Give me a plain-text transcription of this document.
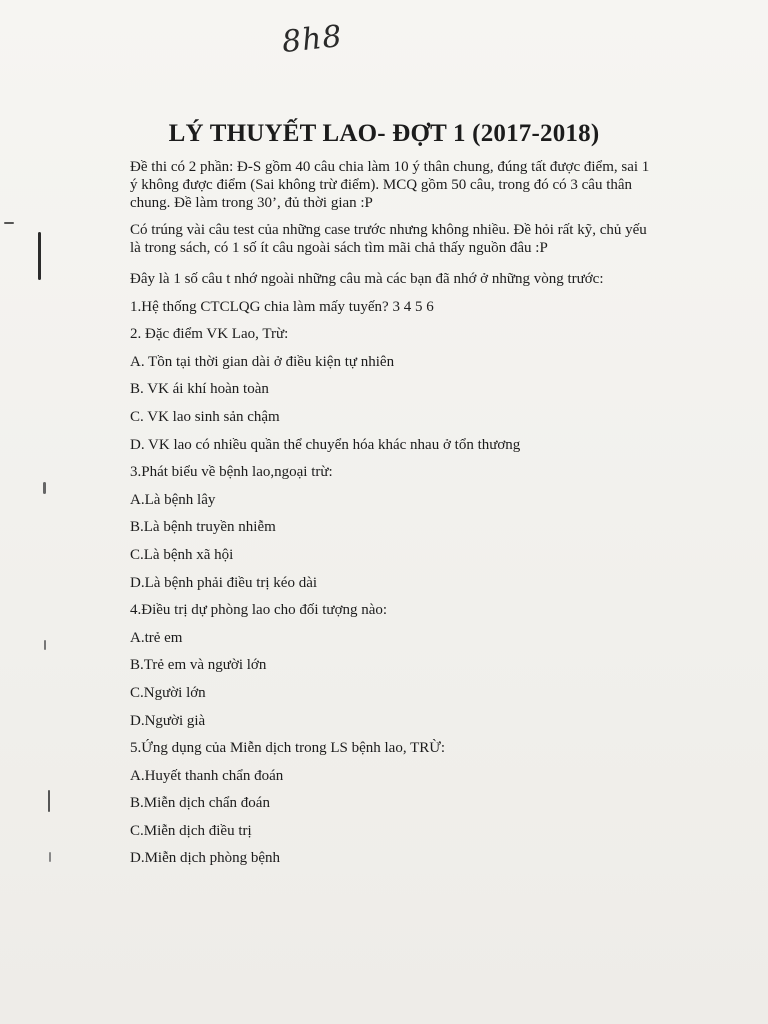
8h8
LÝ THUYẾT LAO- ĐỢT 1 (2017-2018)

Đề thi có 2 phần: Đ-S gồm 40 câu chia làm 10 ý thân chung, đúng tất được điểm, sai 1 ý không được điểm (Sai không trừ điểm). MCQ gồm 50 câu, trong đó có 3 câu thân chung. Đề làm trong 30’, đủ thời gian :P

Có trúng vài câu test của những case trước nhưng không nhiều. Đề hỏi rất kỹ, chủ yếu là trong sách, có 1 số ít câu ngoài sách tìm mãi chả thấy nguồn đâu :P

Đây là 1 số câu t nhớ ngoài những câu mà các bạn đã nhớ ở những vòng trước:
1.Hệ thống CTCLQG chia làm mấy tuyến? 3 4 5 6
2. Đặc điểm VK Lao, Trừ:
A. Tồn tại thời gian dài ở điều kiện tự nhiên
B. VK ái khí hoàn toàn
C. VK lao sinh sản chậm
D. VK lao có nhiều quần thể chuyển hóa khác nhau ở tổn thương
3.Phát biểu về bệnh lao,ngoại trừ:
A.Là bệnh lây
B.Là bệnh truyền nhiễm
C.Là bệnh xã hội
D.Là bệnh phải điều trị kéo dài
4.Điều trị dự phòng lao cho đối tượng nào:
A.trẻ em
B.Trẻ em và người lớn
C.Người lớn
D.Người già
5.Ứng dụng của Miễn dịch trong LS bệnh lao, TRỪ:
A.Huyết thanh chẩn đoán
B.Miễn dịch chẩn đoán
C.Miễn dịch điều trị
D.Miễn dịch phòng bệnh
